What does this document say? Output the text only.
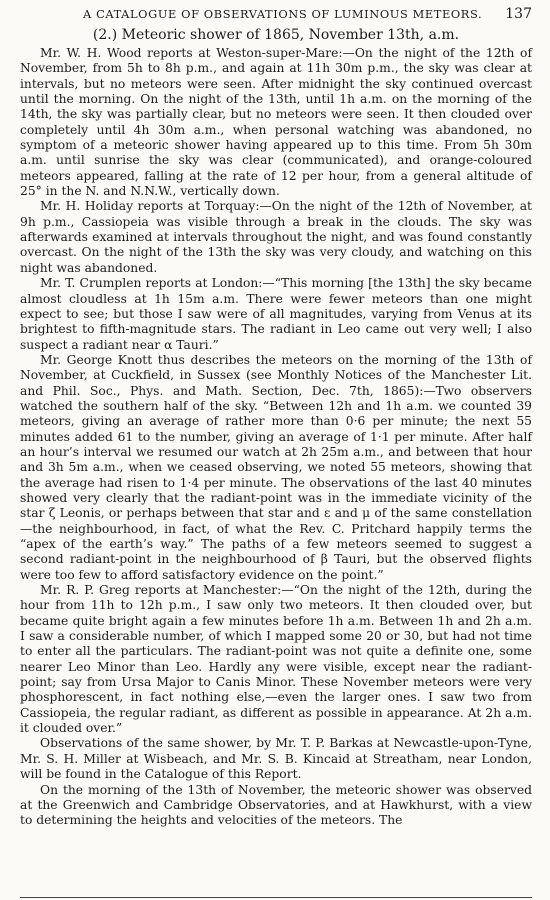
A CATALOGUE OF OBSERVATIONS OF LUMINOUS METEORS.	137
(2.) Meteoric shower of 1865, November 13th, a.m.

Mr. W. H. Wood reports at Weston-super-Mare:—On the night of the 12th of November, from 5h to 8h p.m., and again at 11h 30m p.m., the sky was clear at intervals, but no meteors were seen. After midnight the sky continued overcast until the morning. On the night of the 13th, until 1h a.m. on the morning of the 14th, the sky was partially clear, but no meteors were seen. It then clouded over completely until 4h 30m a.m., when personal watching was abandoned, no symptom of a meteoric shower having appeared up to this time. From 5h 30m a.m. until sunrise the sky was clear (communicated), and orange-coloured meteors appeared, falling at the rate of 12 per hour, from a general altitude of 25° in the N. and N.N.W., vertically down.

Mr. H. Holiday reports at Torquay:—On the night of the 12th of November, at 9h p.m., Cassiopeia was visible through a break in the clouds. The sky was afterwards examined at intervals throughout the night, and was found constantly overcast. On the night of the 13th the sky was very cloudy, and watching on this night was abandoned.

Mr. T. Crumplen reports at London:—“This morning [the 13th] the sky became almost cloudless at 1h 15m a.m. There were fewer meteors than one might expect to see; but those I saw were of all magnitudes, varying from Venus at its brightest to fifth-magnitude stars. The radiant in Leo came out very well; I also suspect a radiant near α Tauri.”

Mr. George Knott thus describes the meteors on the morning of the 13th of November, at Cuckfield, in Sussex (see Monthly Notices of the Manchester Lit. and Phil. Soc., Phys. and Math. Section, Dec. 7th, 1865):—Two observers watched the southern half of the sky. “Between 12h and 1h a.m. we counted 39 meteors, giving an average of rather more than 0·6 per minute; the next 55 minutes added 61 to the number, giving an average of 1·1 per minute. After half an hour’s interval we resumed our watch at 2h 25m a.m., and between that hour and 3h 5m a.m., when we ceased observing, we noted 55 meteors, showing that the average had risen to 1·4 per minute. The observations of the last 40 minutes showed very clearly that the radiant-point was in the immediate vicinity of the star ζ Leonis, or perhaps between that star and ε and μ of the same constellation—the neighbourhood, in fact, of what the Rev. C. Pritchard happily terms the “apex of the earth’s way.” The paths of a few meteors seemed to suggest a second radiant-point in the neighbourhood of β Tauri, but the observed flights were too few to afford satisfactory evidence on the point.”

Mr. R. P. Greg reports at Manchester:—“On the night of the 12th, during the hour from 11h to 12h p.m., I saw only two meteors. It then clouded over, but became quite bright again a few minutes before 1h a.m. Between 1h and 2h a.m. I saw a considerable number, of which I mapped some 20 or 30, but had not time to enter all the particulars. The radiant-point was not quite a definite one, some nearer Leo Minor than Leo. Hardly any were visible, except near the radiant-point; say from Ursa Major to Canis Minor. These November meteors were very phosphorescent, in fact nothing else,—even the larger ones. I saw two from Cassiopeia, the regular radiant, as different as possible in appearance. At 2h a.m. it clouded over.”

Observations of the same shower, by Mr. T. P. Barkas at Newcastle-upon-Tyne, Mr. S. H. Miller at Wisbeach, and Mr. S. B. Kincaid at Streatham, near London, will be found in the Catalogue of this Report.

On the morning of the 13th of November, the meteoric shower was observed at the Greenwich and Cambridge Observatories, and at Hawkhurst, with a view to determining the heights and velocities of the meteors. The
